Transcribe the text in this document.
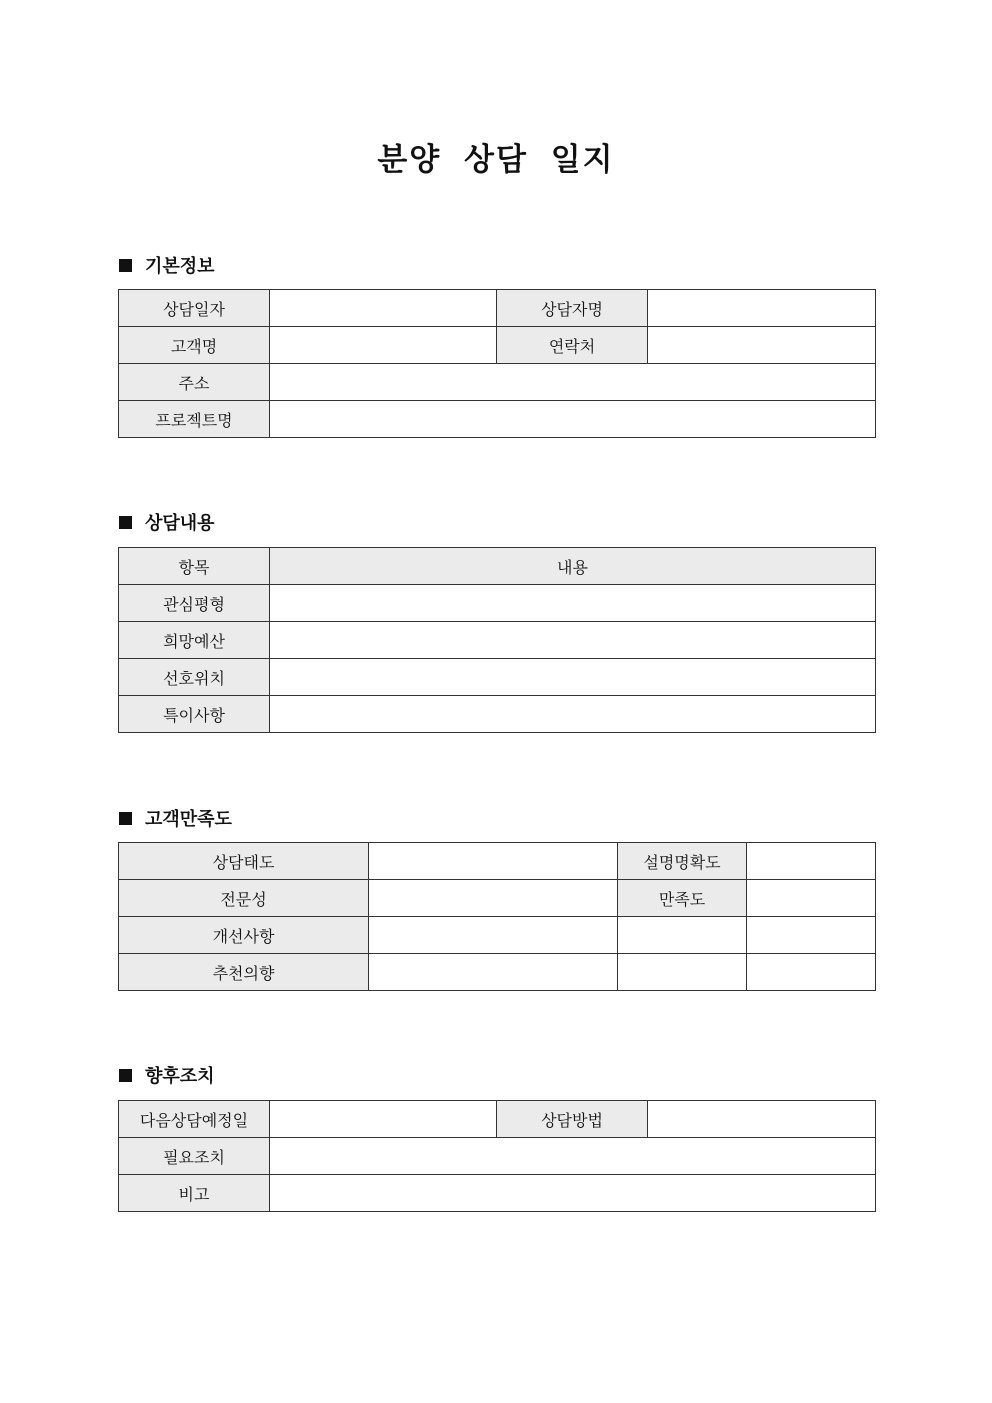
분양 상담 일지
기본정보
상담일자		상담자명	
고객명		연락처	
주소			
프로젝트명			
상담내용
항목	내용
관심평형	
희망예산	
선호위치	
특이사항	
고객만족도
상담태도		설명명확도	
전문성		만족도	
개선사항			
추천의향			
향후조치
다음상담예정일		상담방법	
필요조치			
비고			
